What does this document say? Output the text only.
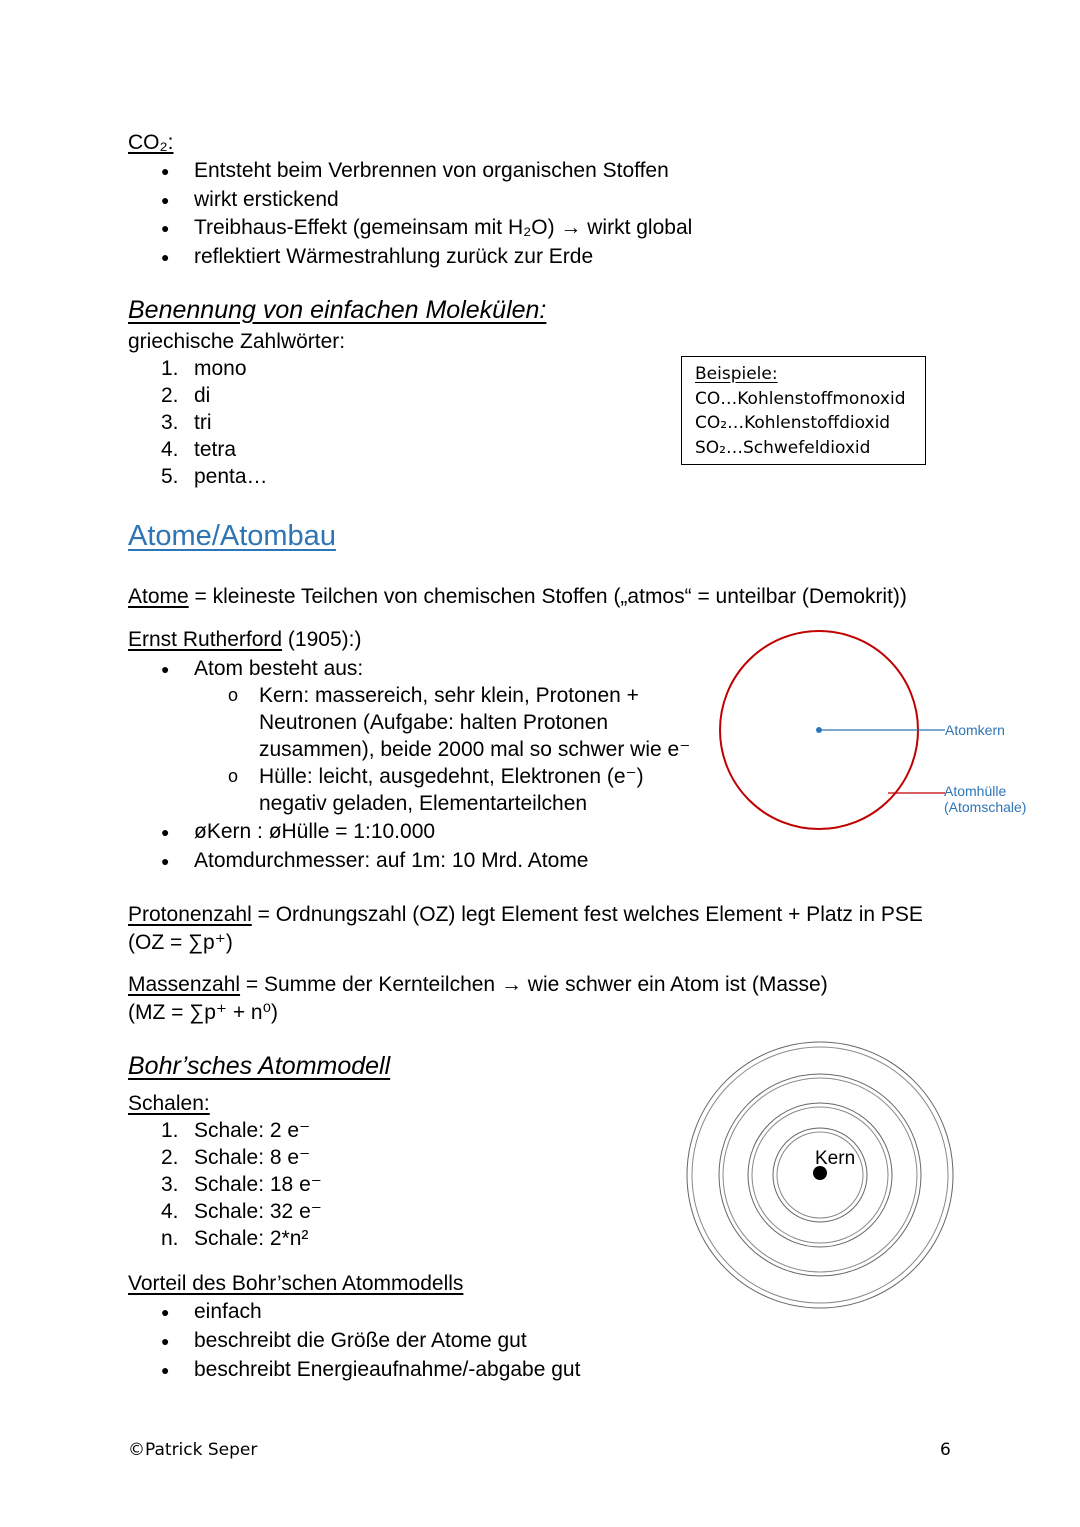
CO₂:
● Entsteht beim Verbrennen von organischen Stoffen
● wirkt erstickend
● Treibhaus-Effekt (gemeinsam mit H₂O) → wirkt global
● reflektiert Wärmestrahlung zurück zur Erde
Benennung von einfachen Molekülen:
griechische Zahlwörter:
1. mono
2. di
3. tri
4. tetra
5. penta…
Beispiele:
CO…Kohlenstoffmonoxid
CO₂…Kohlenstoffdioxid
SO₂…Schwefeldioxid
Atome/Atombau
Atome = kleineste Teilchen von chemischen Stoffen („atmos“ = unteilbar (Demokrit))
Ernst Rutherford (1905):)
● Atom besteht aus:
o Kern: massereich, sehr klein, Protonen +
Neutronen (Aufgabe: halten Protonen
zusammen), beide 2000 mal so schwer wie e⁻
o Hülle: leicht, ausgedehnt, Elektronen (e⁻)
negativ geladen, Elementarteilchen
● øKern : øHülle = 1:10.000
● Atomdurchmesser: auf 1m: 10 Mrd. Atome
Atomkern
Atomhülle
(Atomschale)
Protonenzahl = Ordnungszahl (OZ) legt Element fest welches Element + Platz in PSE
(OZ = ∑p⁺)
Massenzahl = Summe der Kernteilchen → wie schwer ein Atom ist (Masse)
(MZ = ∑p⁺ + n⁰)
Bohr’sches Atommodell
Schalen:
1. Schale: 2 e⁻
2. Schale: 8 e⁻
3. Schale: 18 e⁻
4. Schale: 32 e⁻
n. Schale: 2*n²
Kern
Vorteil des Bohr’schen Atommodells
● einfach
● beschreibt die Größe der Atome gut
● beschreibt Energieaufnahme/-abgabe gut
©Patrick Seper	6
